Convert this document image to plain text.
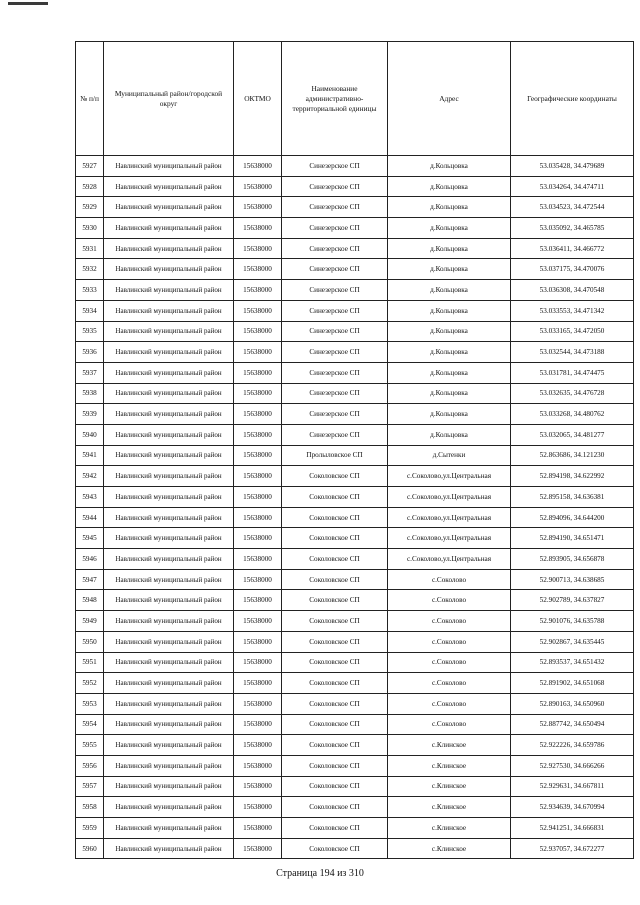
№ п/п	Муниципальный район/городской округ	ОКТМО	Наименование административно-территориальной единицы	Адрес	Географические координаты
5927	Навлинский муниципальный район	15638000	Синезерское СП	д.Кольцовка	53.035428, 34.479689
5928	Навлинский муниципальный район	15638000	Синезерское СП	д.Кольцовка	53.034264, 34.474711
5929	Навлинский муниципальный район	15638000	Синезерское СП	д.Кольцовка	53.034523, 34.472544
5930	Навлинский муниципальный район	15638000	Синезерское СП	д.Кольцовка	53.035092, 34.465785
5931	Навлинский муниципальный район	15638000	Синезерское СП	д.Кольцовка	53.036411, 34.466772
5932	Навлинский муниципальный район	15638000	Синезерское СП	д.Кольцовка	53.037175, 34.470076
5933	Навлинский муниципальный район	15638000	Синезерское СП	д.Кольцовка	53.036308, 34.470548
5934	Навлинский муниципальный район	15638000	Синезерское СП	д.Кольцовка	53.033553, 34.471342
5935	Навлинский муниципальный район	15638000	Синезерское СП	д.Кольцовка	53.033165, 34.472050
5936	Навлинский муниципальный район	15638000	Синезерское СП	д.Кольцовка	53.032544, 34.473188
5937	Навлинский муниципальный район	15638000	Синезерское СП	д.Кольцовка	53.031781, 34.474475
5938	Навлинский муниципальный район	15638000	Синезерское СП	д.Кольцовка	53.032635, 34.476728
5939	Навлинский муниципальный район	15638000	Синезерское СП	д.Кольцовка	53.033268, 34.480762
5940	Навлинский муниципальный район	15638000	Синезерское СП	д.Кольцовка	53.032065, 34.481277
5941	Навлинский муниципальный район	15638000	Пролыловское СП	д.Сытенки	52.863686, 34.121230
5942	Навлинский муниципальный район	15638000	Соколовское СП	с.Соколово,ул.Центральная	52.894198, 34.622992
5943	Навлинский муниципальный район	15638000	Соколовское СП	с.Соколово,ул.Центральная	52.895158, 34.636381
5944	Навлинский муниципальный район	15638000	Соколовское СП	с.Соколово,ул.Центральная	52.894096, 34.644200
5945	Навлинский муниципальный район	15638000	Соколовское СП	с.Соколово,ул.Центральная	52.894190, 34.651471
5946	Навлинский муниципальный район	15638000	Соколовское СП	с.Соколово,ул.Центральная	52.893905, 34.656878
5947	Навлинский муниципальный район	15638000	Соколовское СП	с.Соколово	52.900713, 34.638685
5948	Навлинский муниципальный район	15638000	Соколовское СП	с.Соколово	52.902789, 34.637827
5949	Навлинский муниципальный район	15638000	Соколовское СП	с.Соколово	52.901076, 34.635788
5950	Навлинский муниципальный район	15638000	Соколовское СП	с.Соколово	52.902867, 34.635445
5951	Навлинский муниципальный район	15638000	Соколовское СП	с.Соколово	52.893537, 34.651432
5952	Навлинский муниципальный район	15638000	Соколовское СП	с.Соколово	52.891902, 34.651068
5953	Навлинский муниципальный район	15638000	Соколовское СП	с.Соколово	52.890163, 34.650960
5954	Навлинский муниципальный район	15638000	Соколовское СП	с.Соколово	52.887742, 34.650494
5955	Навлинский муниципальный район	15638000	Соколовское СП	с.Клинское	52.922226, 34.659786
5956	Навлинский муниципальный район	15638000	Соколовское СП	с.Клинское	52.927530, 34.666266
5957	Навлинский муниципальный район	15638000	Соколовское СП	с.Клинское	52.929631, 34.667811
5958	Навлинский муниципальный район	15638000	Соколовское СП	с.Клинское	52.934639, 34.670994
5959	Навлинский муниципальный район	15638000	Соколовское СП	с.Клинское	52.941251, 34.666831
5960	Навлинский муниципальный район	15638000	Соколовское СП	с.Клинское	52.937057, 34.672277
Страница 194 из 310
